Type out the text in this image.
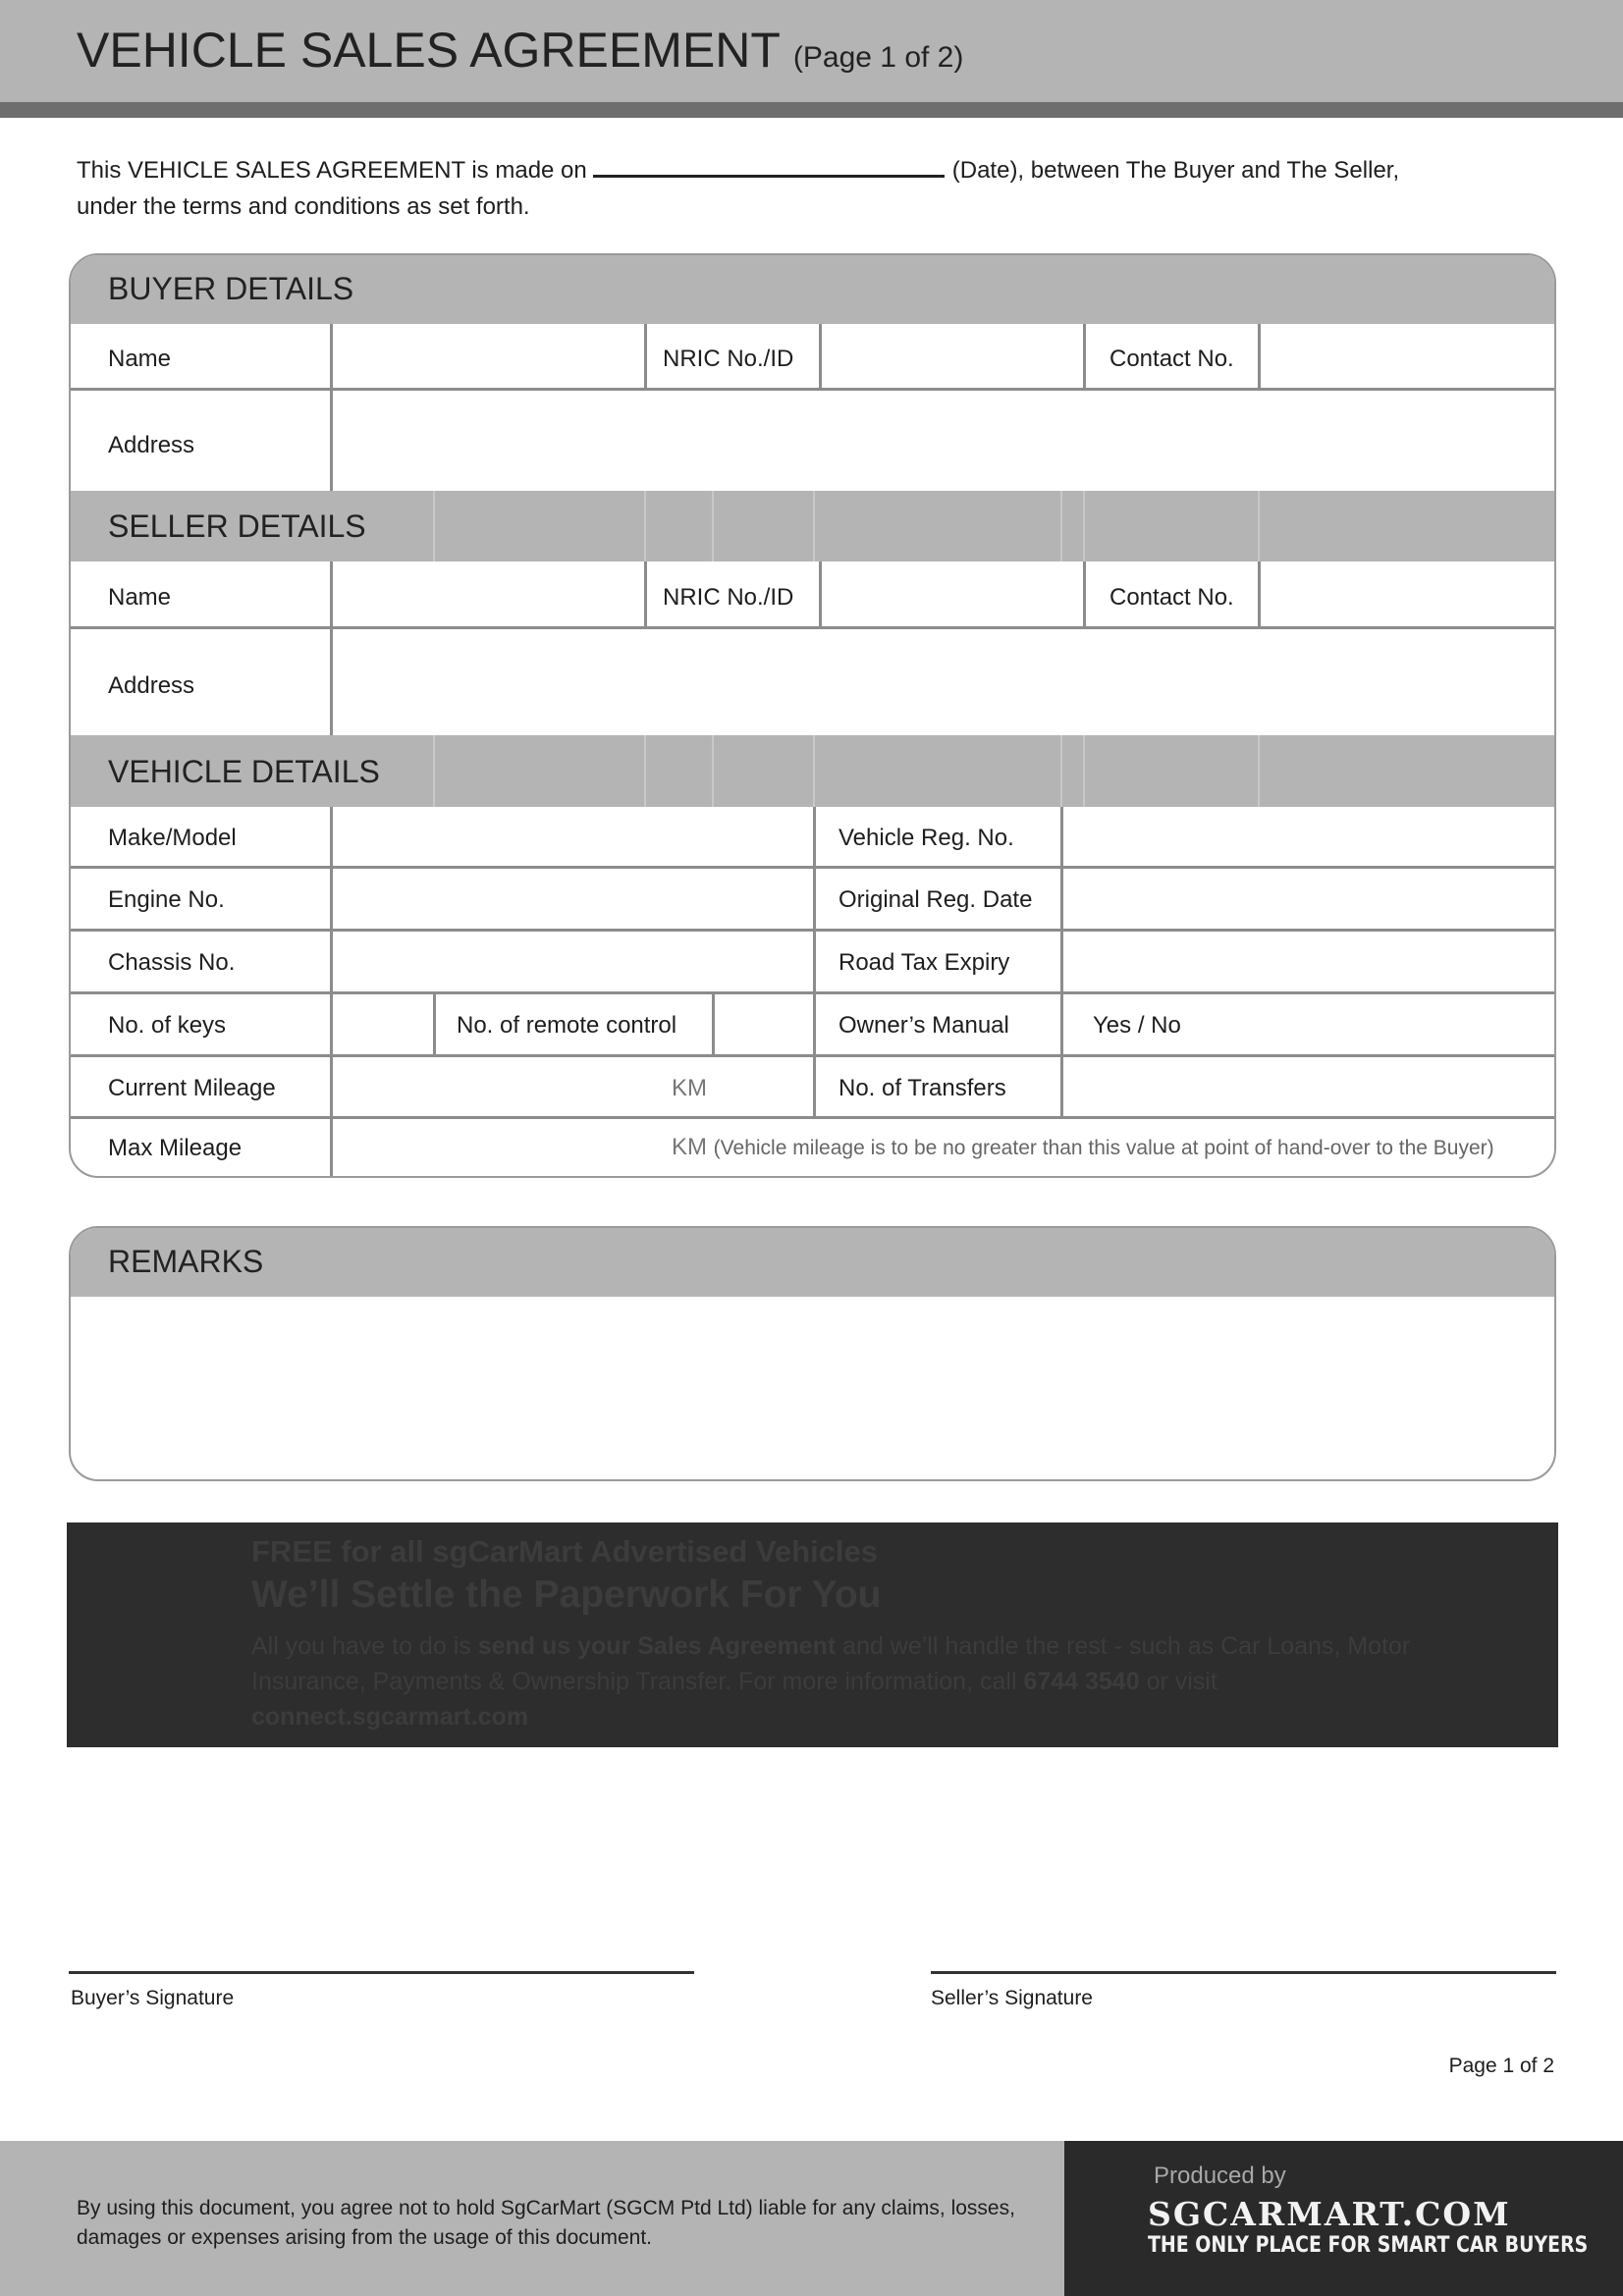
VEHICLE SALES AGREEMENT (Page 1 of 2)
This VEHICLE SALES AGREEMENT is made on	(Date), between The Buyer and The Seller,
under the terms and conditions as set forth.
BUYER DETAILS
Name	NRIC No./ID	Contact No.
Address
SELLER DETAILS
Name	NRIC No./ID	Contact No.
Address
VEHICLE DETAILS
Make/Model	Vehicle Reg. No.
Engine No.	Original Reg. Date
Chassis No.	Road Tax Expiry
No. of keys	No. of remote control	Owner’s Manual	Yes / No
Current Mileage	KM	No. of Transfers
Max Mileage	KM (Vehicle mileage is to be no greater than this value at point of hand-over to the Buyer)
REMARKS
FREE for all sgCarMart Advertised Vehicles
We’ll Settle the Paperwork For You
All you have to do is send us your Sales Agreement and we’ll handle the rest - such as Car Loans, Motor Insurance, Payments & Ownership Transfer. For more information, call 6744 3540 or visit connect.sgcarmart.com
Buyer’s Signature	Seller’s Signature
Page 1 of 2
By using this document, you agree not to hold SgCarMart (SGCM Ptd Ltd) liable for any claims, losses, damages or expenses arising from the usage of this document.
Produced by
SGCARMART.COM
THE ONLY PLACE FOR SMART CAR BUYERS
